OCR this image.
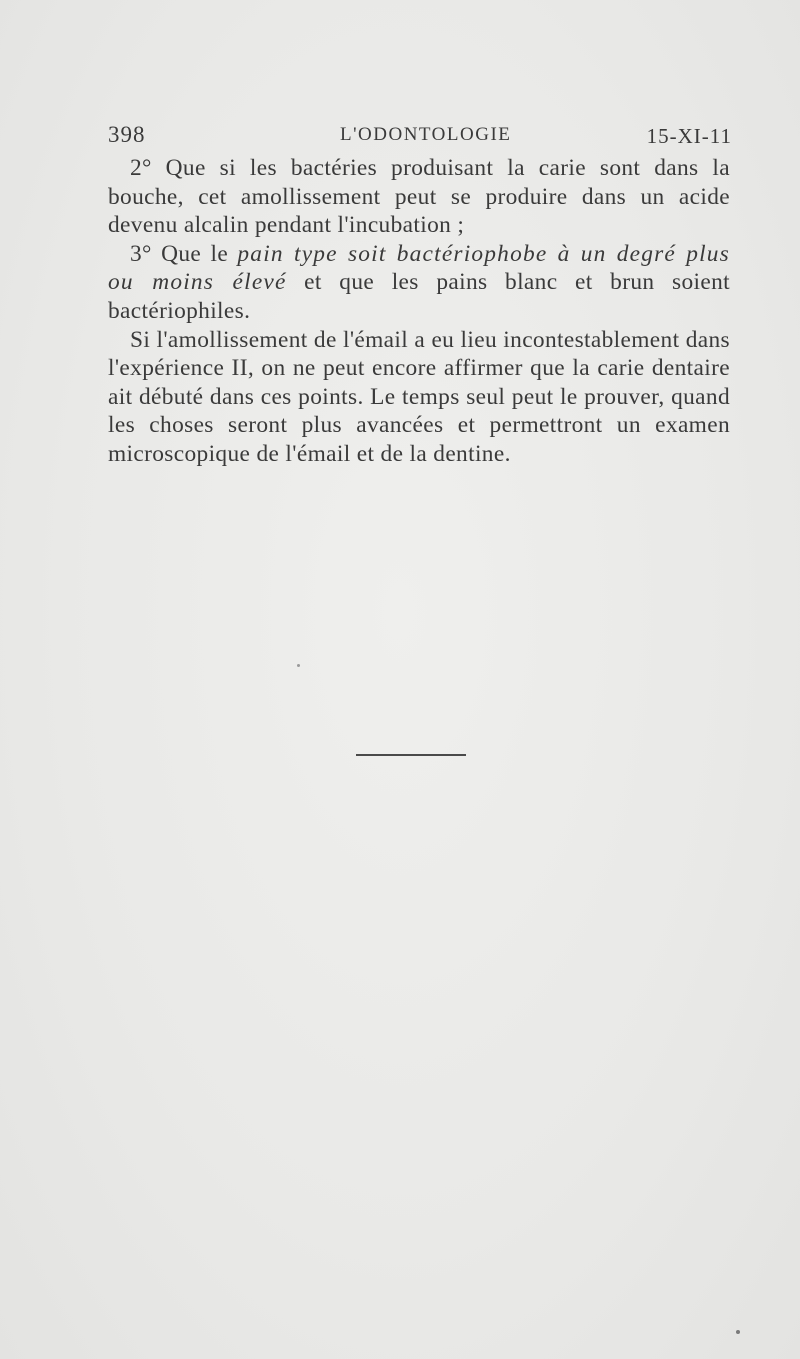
398	L'ODONTOLOGIE	15-XI-11

2° Que si les bactéries produisant la carie sont dans la bouche, cet amollissement peut se produire dans un acide devenu alcalin pendant l'incubation ;

3° Que le pain type soit bactériophobe à un degré plus ou moins élevé et que les pains blanc et brun soient bactériophiles.

Si l'amollissement de l'émail a eu lieu incontestablement dans l'expérience II, on ne peut encore affirmer que la carie dentaire ait débuté dans ces points. Le temps seul peut le prouver, quand les choses seront plus avancées et permettront un examen microscopique de l'émail et de la dentine.
